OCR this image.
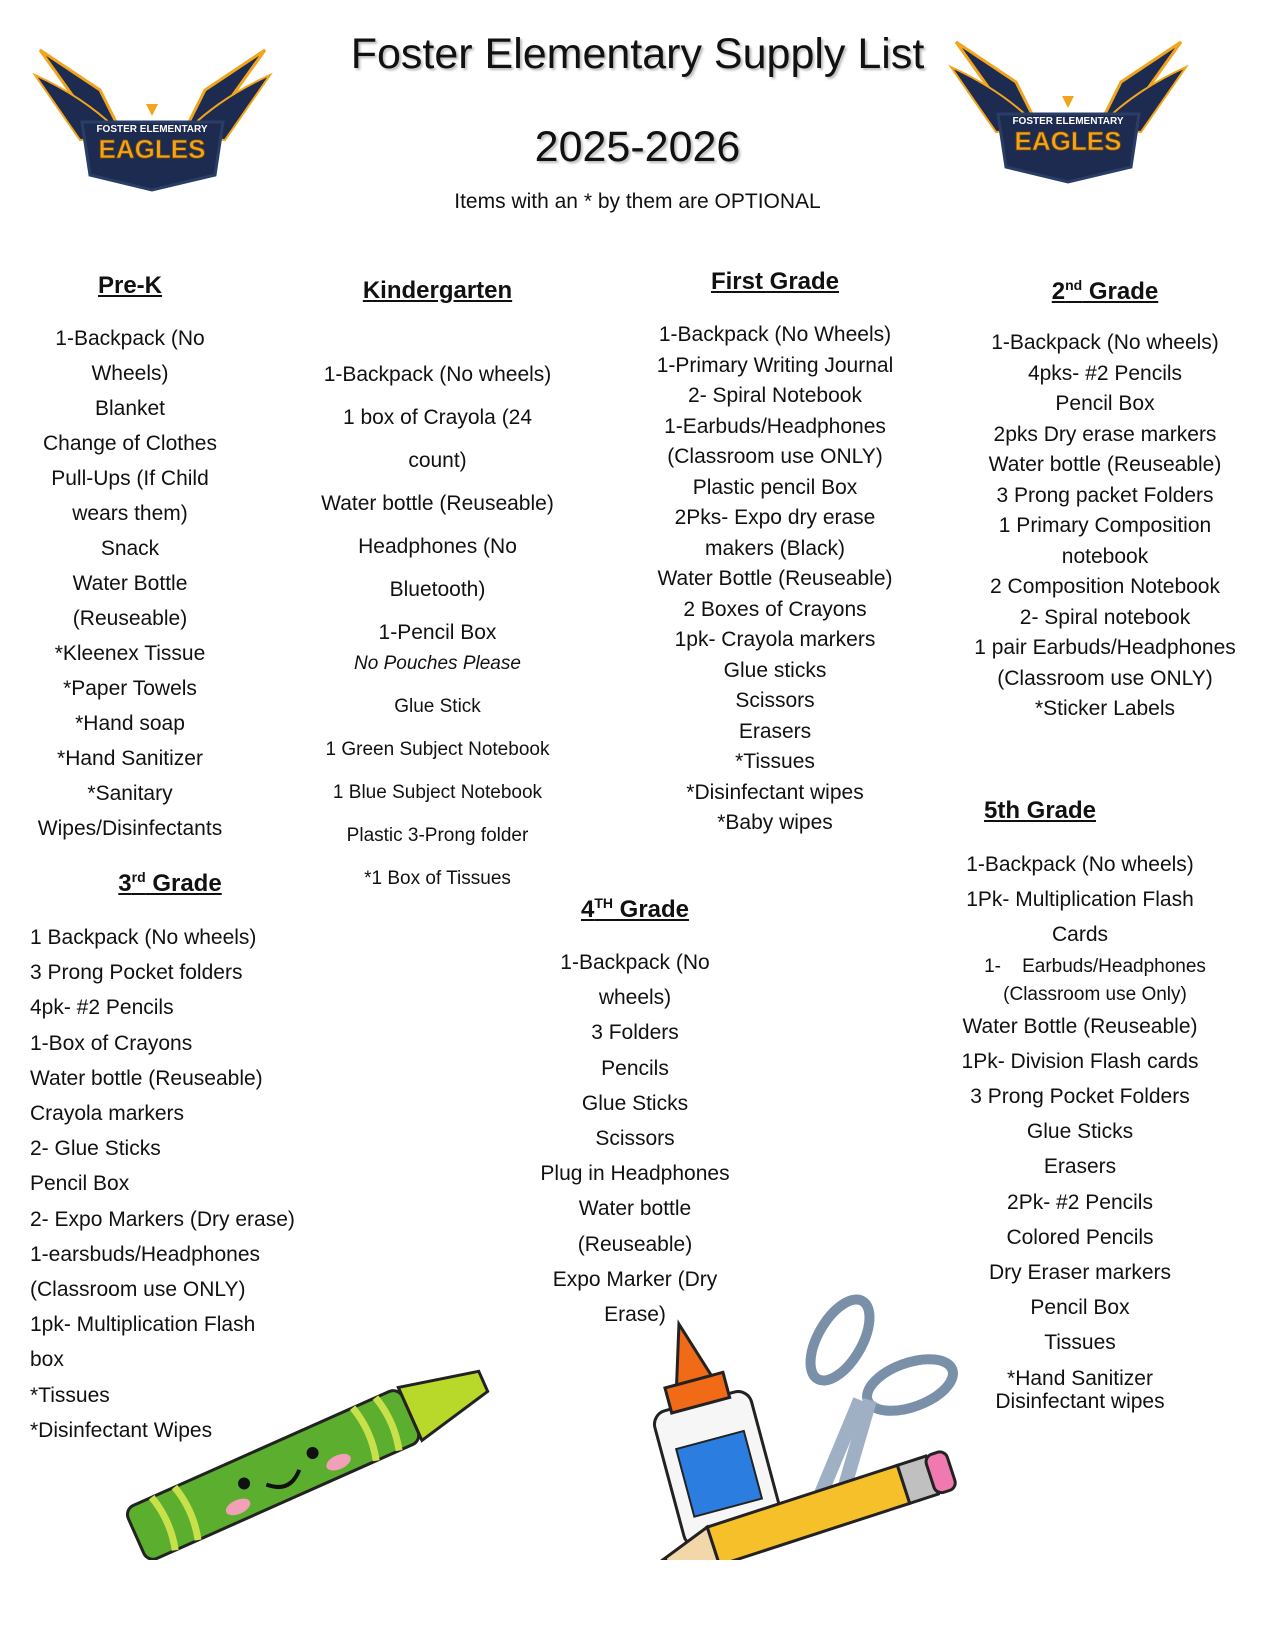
FOSTER ELEMENTARY
EAGLES
FOSTER ELEMENTARY
EAGLES
Foster Elementary Supply List
2025-2026
Items with an * by them are OPTIONAL
Pre-K
1-Backpack (No
Wheels)
Blanket
Change of Clothes
Pull-Ups (If Child
wears them)
Snack
Water Bottle
(Reuseable)
*Kleenex Tissue
*Paper Towels
*Hand soap
*Hand Sanitizer
*Sanitary
Wipes/Disinfectants
Kindergarten
1-Backpack (No wheels)
1 box of Crayola (24
count)
Water bottle (Reuseable)
Headphones (No
Bluetooth)
1-Pencil Box
No Pouches Please
Glue Stick
1 Green Subject Notebook
1 Blue Subject Notebook
Plastic 3-Prong folder
*1 Box of Tissues
First Grade
1-Backpack (No Wheels)
1-Primary Writing Journal
2- Spiral Notebook
1-Earbuds/Headphones
(Classroom use ONLY)
Plastic pencil Box
2Pks- Expo dry erase
makers (Black)
Water Bottle (Reuseable)
2 Boxes of Crayons
1pk- Crayola markers
Glue sticks
Scissors
Erasers
*Tissues
*Disinfectant wipes
*Baby wipes
2nd Grade
1-Backpack (No wheels)
4pks- #2 Pencils
Pencil Box
2pks Dry erase markers
Water bottle (Reuseable)
3 Prong packet Folders
1 Primary Composition
notebook
2 Composition Notebook
2- Spiral notebook
1 pair Earbuds/Headphones
(Classroom use ONLY)
*Sticker Labels
3rd Grade
1 Backpack (No wheels)
3 Prong Pocket folders
4pk- #2 Pencils
1-Box of Crayons
Water bottle (Reuseable)
Crayola markers
2- Glue Sticks
Pencil Box
2- Expo Markers (Dry erase)
1-earsbuds/Headphones
(Classroom use ONLY)
1pk- Multiplication Flash
box
*Tissues
*Disinfectant Wipes
4TH Grade
1-Backpack (No
wheels)
3 Folders
Pencils
Glue Sticks
Scissors
Plug in Headphones
Water bottle
(Reuseable)
Expo Marker (Dry
Erase)
5th Grade
1-Backpack (No wheels)
1Pk- Multiplication Flash
Cards
1-    Earbuds/Headphones
(Classroom use Only)
Water Bottle (Reuseable)
1Pk- Division Flash cards
3 Prong Pocket Folders
Glue Sticks
Erasers
2Pk- #2 Pencils
Colored Pencils
Dry Eraser markers
Pencil Box
Tissues
*Hand Sanitizer
Disinfectant wipes
